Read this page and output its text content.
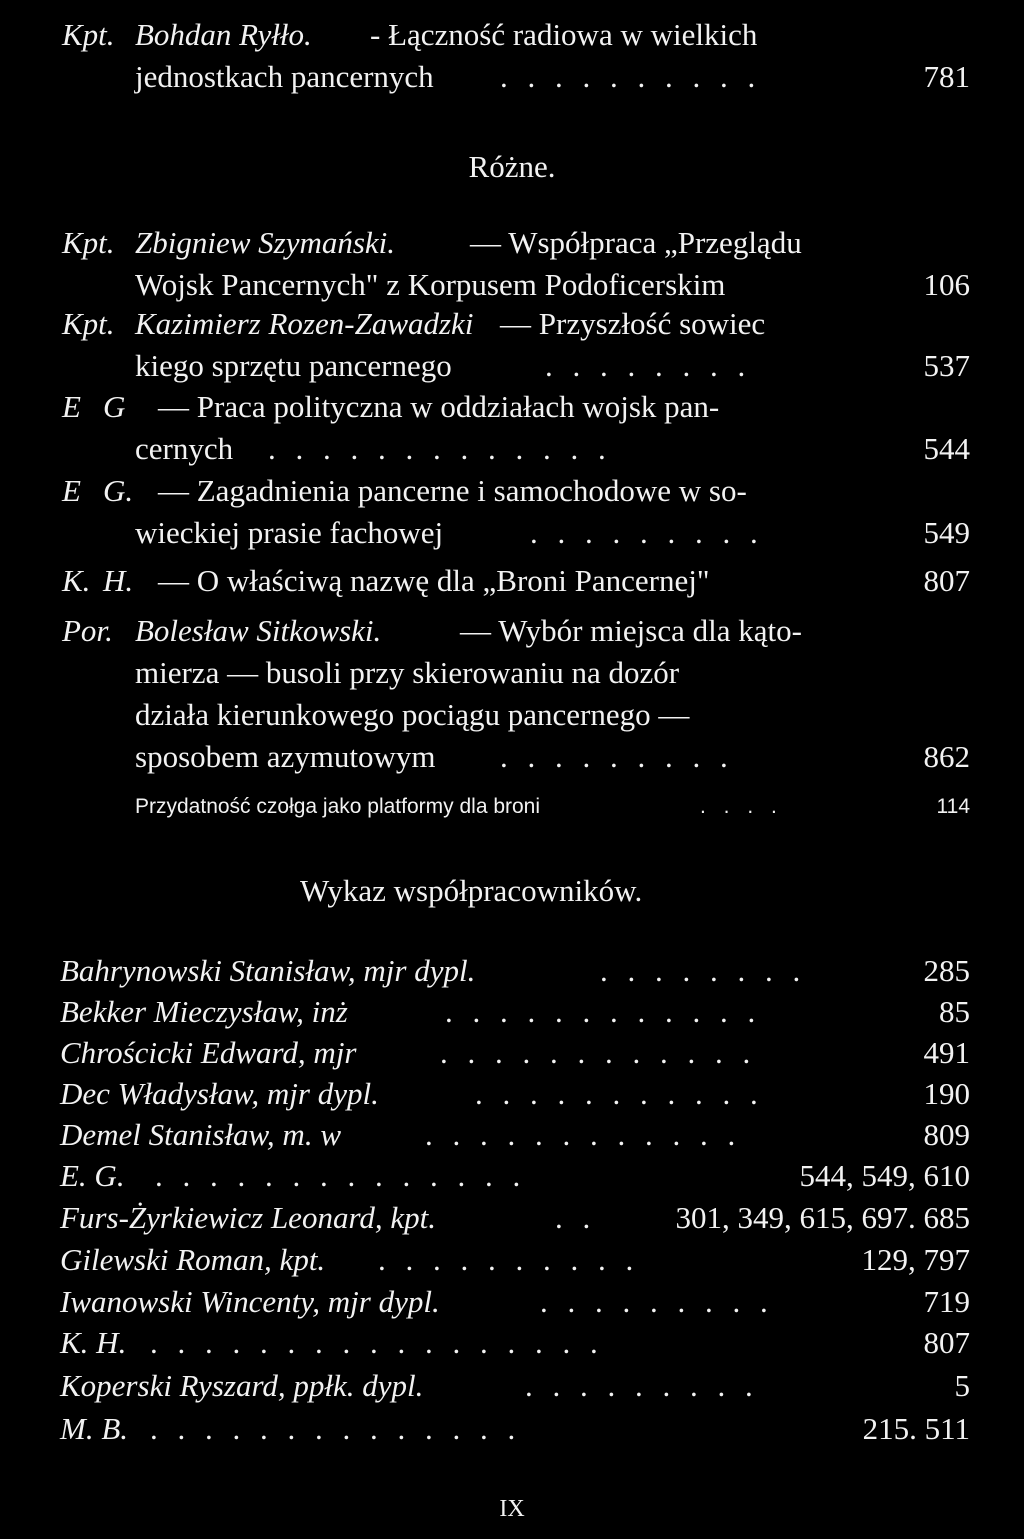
Kpt. Bohdan Ryłło. - Łączność radiowa w wielkich
jednostkach pancernych . . . . . . . . . .	781
Różne.
Kpt. Zbigniew Szymański. — Współpraca „Przeglądu
Wojsk Pancernych" z Korpusem Podoficerskim	106
Kpt. Kazimierz Rozen-Zawadzki — Przyszłość sowiec
kiego sprzętu pancernego	. . . . . . . .	537
E G — Praca polityczna w oddziałach wojsk pan-
cernych . . . . . . . . . . . . .	544
E G. — Zagadnienia pancerne i samochodowe w so-
wieckiej prasie fachowej	. . . . . . . . .	549
K. H. — O właściwą nazwę dla „Broni Pancernej"	807
Por. Bolesław Sitkowski.	— Wybór miejsca dla kąto-
mierza — busoli przy skierowaniu na dozór
działa kierunkowego pociągu pancernego —
sposobem azymutowym . . . . . . . . .	862
Przydatność czołga jako platformy dla broni	. . . .	114
Wykaz współpracowników.
Bahrynowski Stanisław, mjr dypl.	. . . . . . . .	285
Bekker Mieczysław, inż	. . . . . . . . . . . .	85
Chrościcki Edward, mjr	. . . . . . . . . . . .	491
Dec Władysław, mjr dypl.	. . . . . . . . . . .	190
Demel Stanisław, m. w	. . . . . . . . . . . .	809
E. G. . . . . . . . . . . . . . .	544, 549, 610
Furs-Żyrkiewicz Leonard, kpt.	. .	301, 349, 615, 697. 685
Gilewski Roman, kpt. . . . . . . . . . .	129, 797
Iwanowski Wincenty, mjr dypl.	. . . . . . . . .	719
K. H. . . . . . . . . . . . . . . . . .	807
Koperski Ryszard, ppłk. dypl.	. . . . . . . . .	5
M. B. . . . . . . . . . . . . . .	215. 511
IX
